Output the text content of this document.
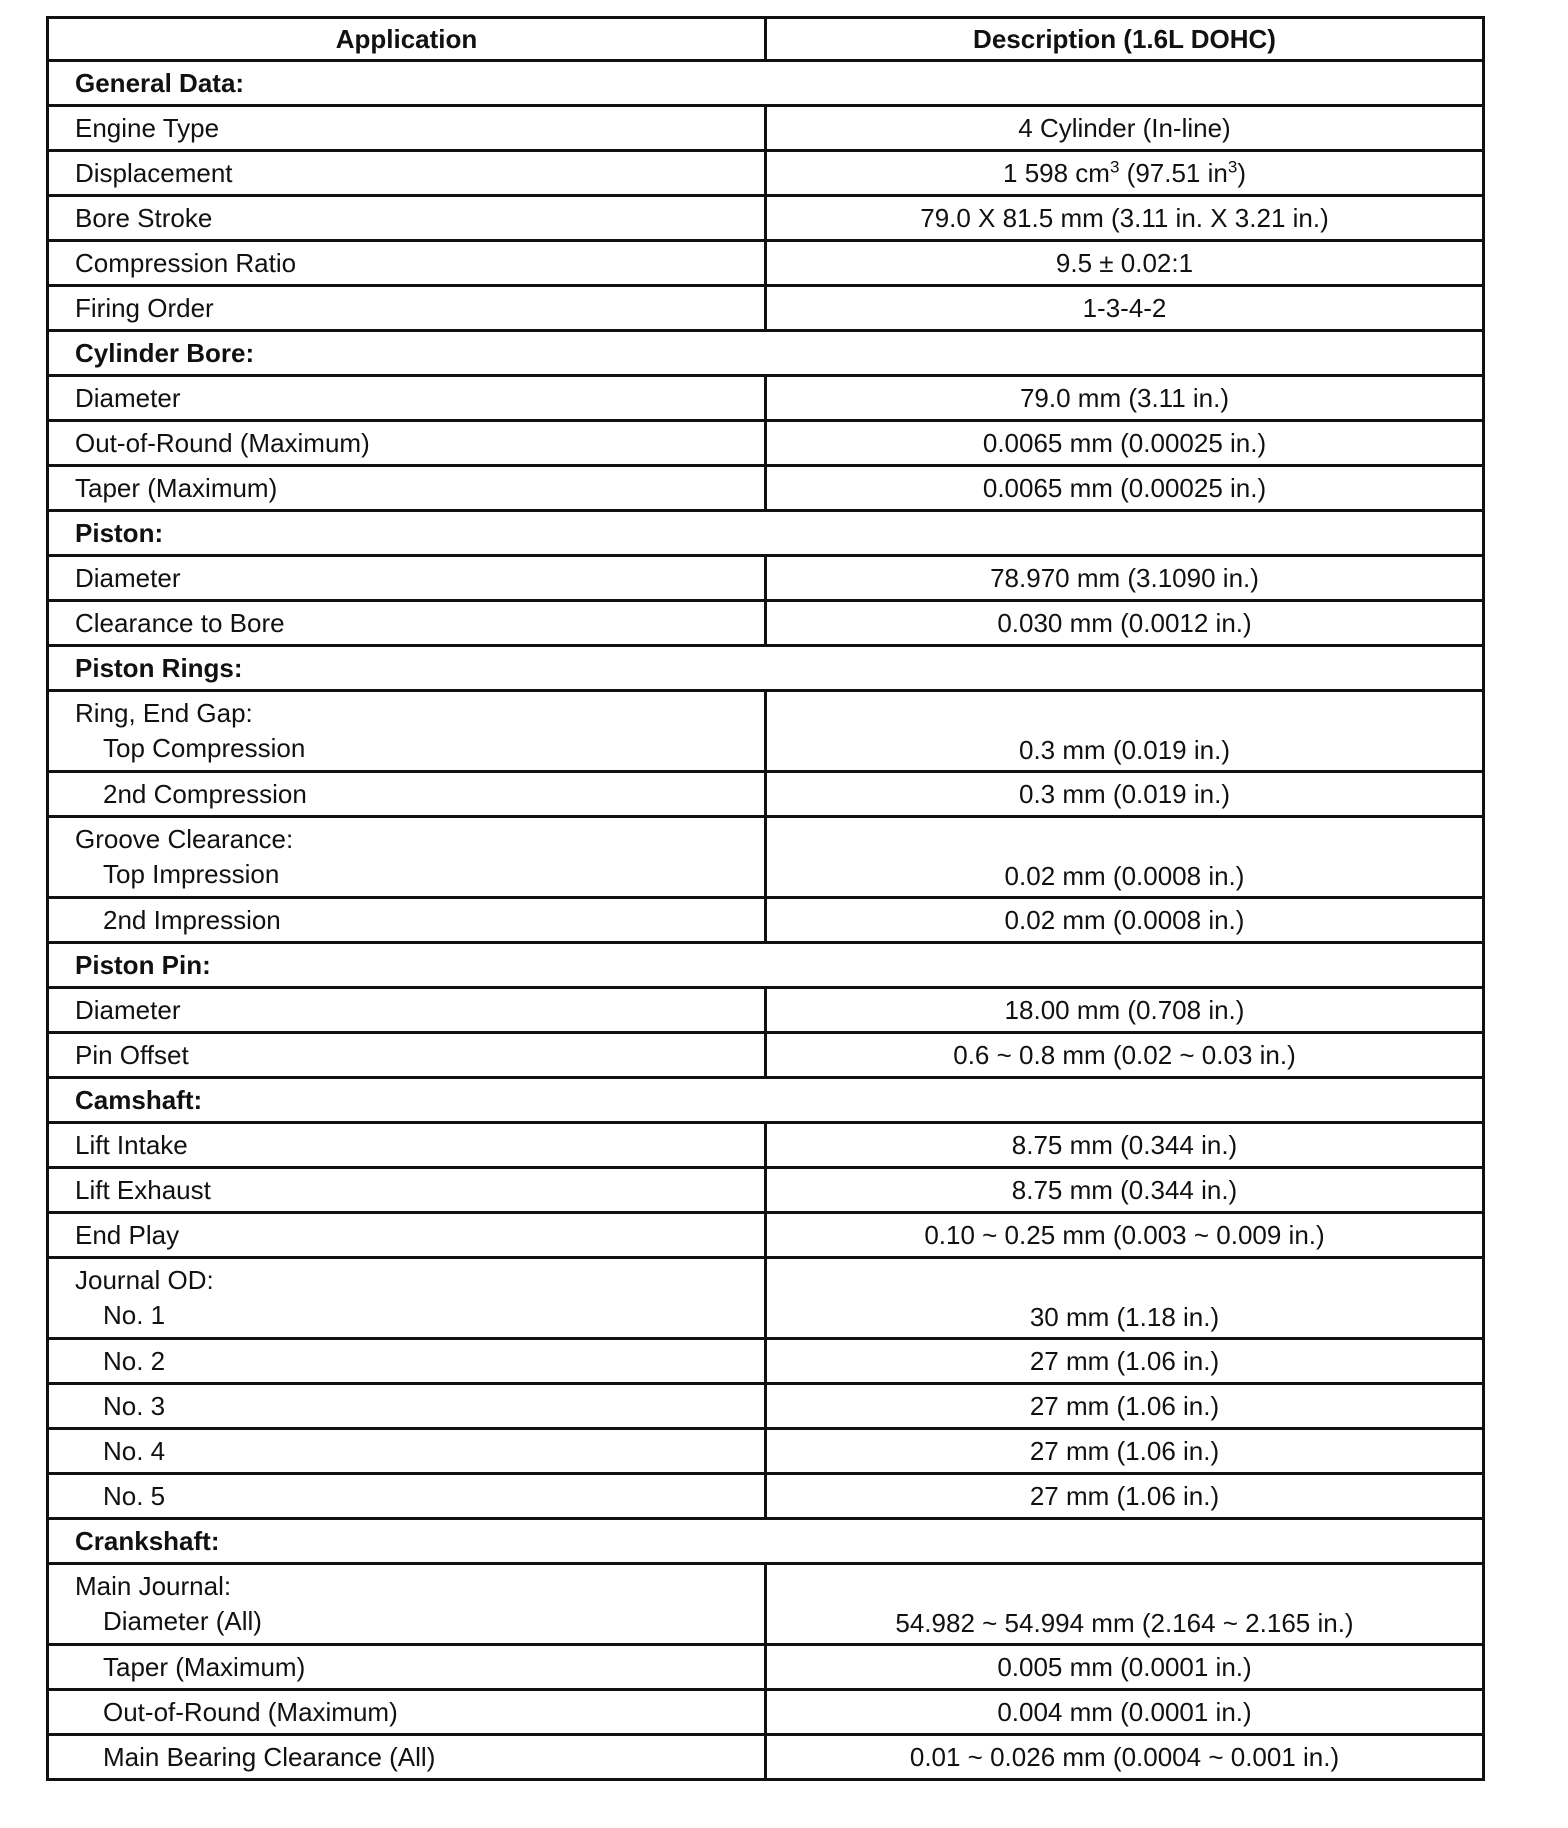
Application	Description (1.6L DOHC)
General Data:	
Engine Type	4 Cylinder (In-line)
Displacement	1 598 $cm^3$ (97.51 $in^3$)
Bore Stroke	79.0 X 81.5 mm (3.11 in. X 3.21 in.)
Compression Ratio	9.5 ± 0.02:1
Firing Order	1-3-4-2
Cylinder Bore:	
Diameter	79.0 mm (3.11 in.)
Out-of-Round (Maximum)	0.0065 mm (0.00025 in.)
Taper (Maximum)	0.0065 mm (0.00025 in.)
Piston:	
Diameter	78.970 mm (3.1090 in.)
Clearance to Bore	0.030 mm (0.0012 in.)
Piston Rings:	
Ring, End Gap:
Top Compression	0.3 mm (0.019 in.)
2nd Compression	0.3 mm (0.019 in.)
Groove Clearance:
Top Impression	0.02 mm (0.0008 in.)
2nd Impression	0.02 mm (0.0008 in.)
Piston Pin:	
Diameter	18.00 mm (0.708 in.)
Pin Offset	0.6 ~ 0.8 mm (0.02 ~ 0.03 in.)
Camshaft:	
Lift Intake	8.75 mm (0.344 in.)
Lift Exhaust	8.75 mm (0.344 in.)
End Play	0.10 ~ 0.25 mm (0.003 ~ 0.009 in.)
Journal OD:
No. 1	30 mm (1.18 in.)
No. 2	27 mm (1.06 in.)
No. 3	27 mm (1.06 in.)
No. 4	27 mm (1.06 in.)
No. 5	27 mm (1.06 in.)
Crankshaft:	
Main Journal:
Diameter (All)	54.982 ~ 54.994 mm (2.164 ~ 2.165 in.)
Taper (Maximum)	0.005 mm (0.0001 in.)
Out-of-Round (Maximum)	0.004 mm (0.0001 in.)
Main Bearing Clearance (All)	0.01 ~ 0.026 mm (0.0004 ~ 0.001 in.)
